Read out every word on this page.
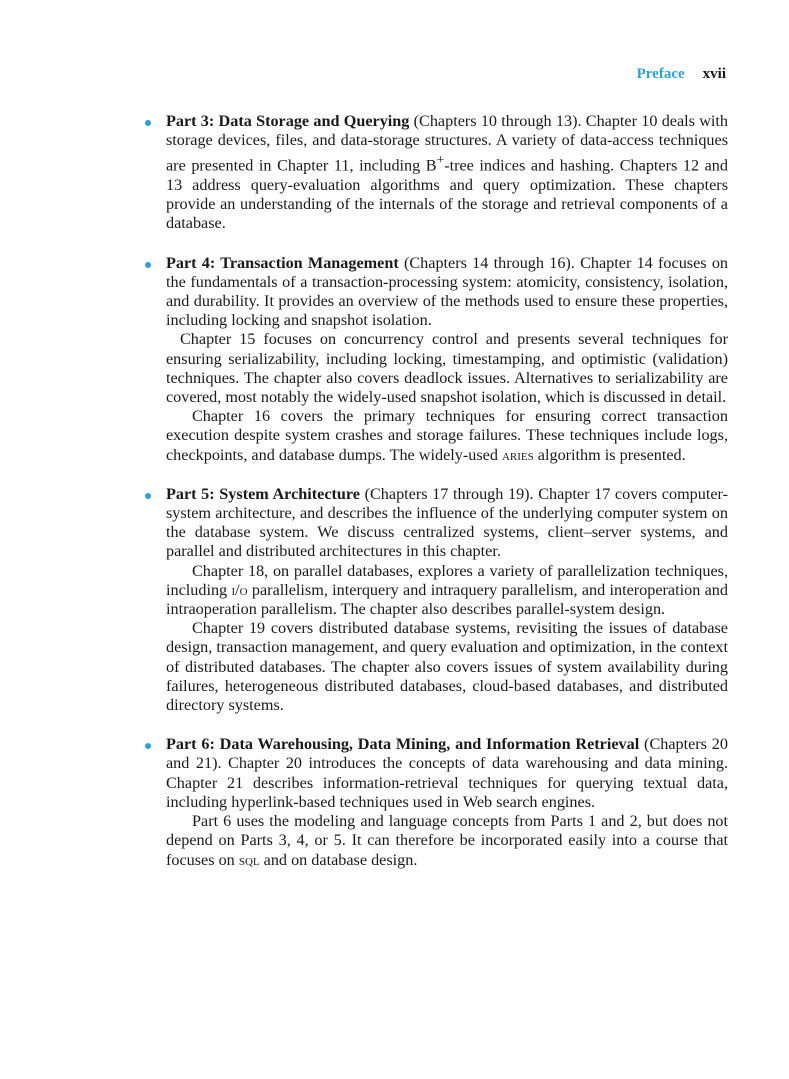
Preface xvii

Part 3: Data Storage and Querying (Chapters 10 through 13). Chapter 10 deals with storage devices, files, and data-storage structures. A variety of data-access techniques are presented in Chapter 11, including B+-tree indices and hashing. Chapters 12 and 13 address query-evaluation algorithms and query optimization. These chapters provide an understanding of the internals of the storage and retrieval components of a database.

Part 4: Transaction Management (Chapters 14 through 16). Chapter 14 focuses on the fundamentals of a transaction-processing system: atomicity, consistency, isolation, and durability. It provides an overview of the methods used to ensure these properties, including locking and snapshot isolation.

Chapter 15 focuses on concurrency control and presents several techniques for ensuring serializability, including locking, timestamping, and optimistic (validation) techniques. The chapter also covers deadlock issues. Alternatives to serializability are covered, most notably the widely-used snapshot isolation, which is discussed in detail.

Chapter 16 covers the primary techniques for ensuring correct transaction execution despite system crashes and storage failures. These techniques include logs, checkpoints, and database dumps. The widely-used aries algorithm is presented.

Part 5: System Architecture (Chapters 17 through 19). Chapter 17 covers computer-system architecture, and describes the influence of the underlying computer system on the database system. We discuss centralized systems, client–server systems, and parallel and distributed architectures in this chapter.

Chapter 18, on parallel databases, explores a variety of parallelization techniques, including i/o parallelism, interquery and intraquery parallelism, and interoperation and intraoperation parallelism. The chapter also describes parallel-system design.

Chapter 19 covers distributed database systems, revisiting the issues of database design, transaction management, and query evaluation and optimization, in the context of distributed databases. The chapter also covers issues of system availability during failures, heterogeneous distributed databases, cloud-based databases, and distributed directory systems.

Part 6: Data Warehousing, Data Mining, and Information Retrieval (Chapters 20 and 21). Chapter 20 introduces the concepts of data warehousing and data mining. Chapter 21 describes information-retrieval techniques for querying textual data, including hyperlink-based techniques used in Web search engines.

Part 6 uses the modeling and language concepts from Parts 1 and 2, but does not depend on Parts 3, 4, or 5. It can therefore be incorporated easily into a course that focuses on sql and on database design.
